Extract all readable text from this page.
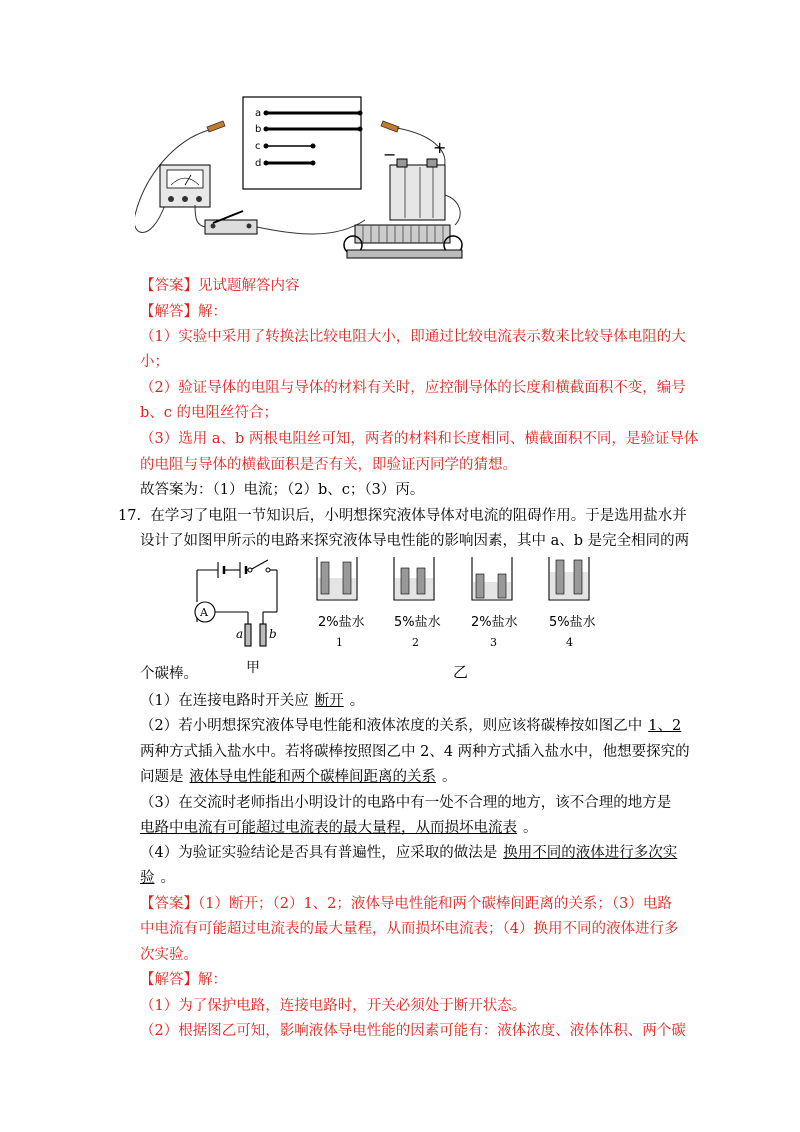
a
b
c
d	− +
【答案】见试题解答内容
【解答】解：
（1）实验中采用了转换法比较电阻大小，即通过比较电流表示数来比较导体电阻的大
小；
（2）验证导体的电阻与导体的材料有关时，应控制导体的长度和横截面积不变，编号
b、c 的电阻丝符合；
（3）选用 a、b 两根电阻丝可知，两者的材料和长度相同、横截面积不同，是验证导体
的电阻与导体的横截面积是否有关，即验证丙同学的猜想。
故答案为：（1）电流；（2）b、c；（3）丙。
17. 在学习了电阻一节知识后，小明想探究液体导体对电流的阻碍作用。于是选用盐水并
设计了如图甲所示的电路来探究液体导电性能的影响因素，其中 a、b 是完全相同的两
A
a b
甲
2%盐水 5%盐水 2%盐水 5%盐水
1	2	3	4
乙
个碳棒。
（1）在连接电路时开关应 断开 。
（2）若小明想探究液体导电性能和液体浓度的关系，则应该将碳棒按如图乙中 1、2
两种方式插入盐水中。若将碳棒按照图乙中 2、4 两种方式插入盐水中，他想要探究的
问题是 液体导电性能和两个碳棒间距离的关系 。
（3）在交流时老师指出小明设计的电路中有一处不合理的地方，该不合理的地方是
电路中电流有可能超过电流表的最大量程，从而损坏电流表 。
（4）为验证实验结论是否具有普遍性，应采取的做法是 换用不同的液体进行多次实
验 。
【答案】（1）断开；（2）1、2；液体导电性能和两个碳棒间距离的关系；（3）电路
中电流有可能超过电流表的最大量程，从而损坏电流表；（4）换用不同的液体进行多
次实验。
【解答】解：
（1）为了保护电路，连接电路时，开关必须处于断开状态。
（2）根据图乙可知，影响液体导电性能的因素可能有：液体浓度、液体体积、两个碳
